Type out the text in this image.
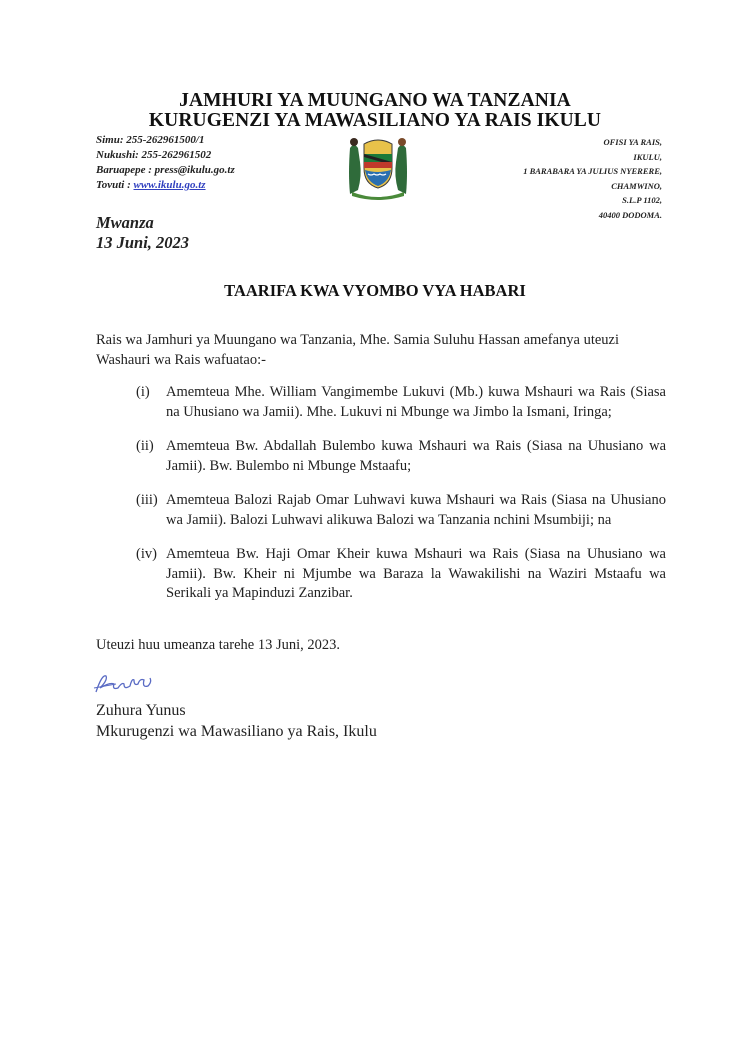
JAMHURI YA MUUNGANO WA TANZANIA
KURUGENZI YA MAWASILIANO YA RAIS IKULU
Simu: 255-262961500/1
Nukushi: 255-262961502
Baruapepe : press@ikulu.go.tz
Tovuti : www.ikulu.go.tz
OFISI YA RAIS,
IKULU,
1 BARABARA YA JULIUS NYERERE,
CHAMWINO,
S.L.P 1102,
40400 DODOMA.
Mwanza
13 Juni, 2023
TAARIFA KWA VYOMBO VYA HABARI
Rais wa Jamhuri ya Muungano wa Tanzania, Mhe. Samia Suluhu Hassan amefanya uteuzi Washauri wa Rais wafuatao:-
(i)	Amemteua Mhe. William Vangimembe Lukuvi (Mb.) kuwa Mshauri wa Rais (Siasa na Uhusiano wa Jamii). Mhe. Lukuvi ni Mbunge wa Jimbo la Ismani, Iringa;
(ii) Amemteua Bw. Abdallah Bulembo kuwa Mshauri wa Rais (Siasa na Uhusiano wa Jamii). Bw. Bulembo ni Mbunge Mstaafu;
(iii) Amemteua Balozi Rajab Omar Luhwavi kuwa Mshauri wa Rais (Siasa na Uhusiano wa Jamii). Balozi Luhwavi alikuwa Balozi wa Tanzania nchini Msumbiji; na
(iv) Amemteua Bw. Haji Omar Kheir kuwa Mshauri wa Rais (Siasa na Uhusiano wa Jamii). Bw. Kheir ni Mjumbe wa Baraza la Wawakilishi na Waziri Mstaafu wa Serikali ya Mapinduzi Zanzibar.
Uteuzi huu umeanza tarehe 13 Juni, 2023.
Zuhura Yunus
Mkurugenzi wa Mawasiliano ya Rais, Ikulu
